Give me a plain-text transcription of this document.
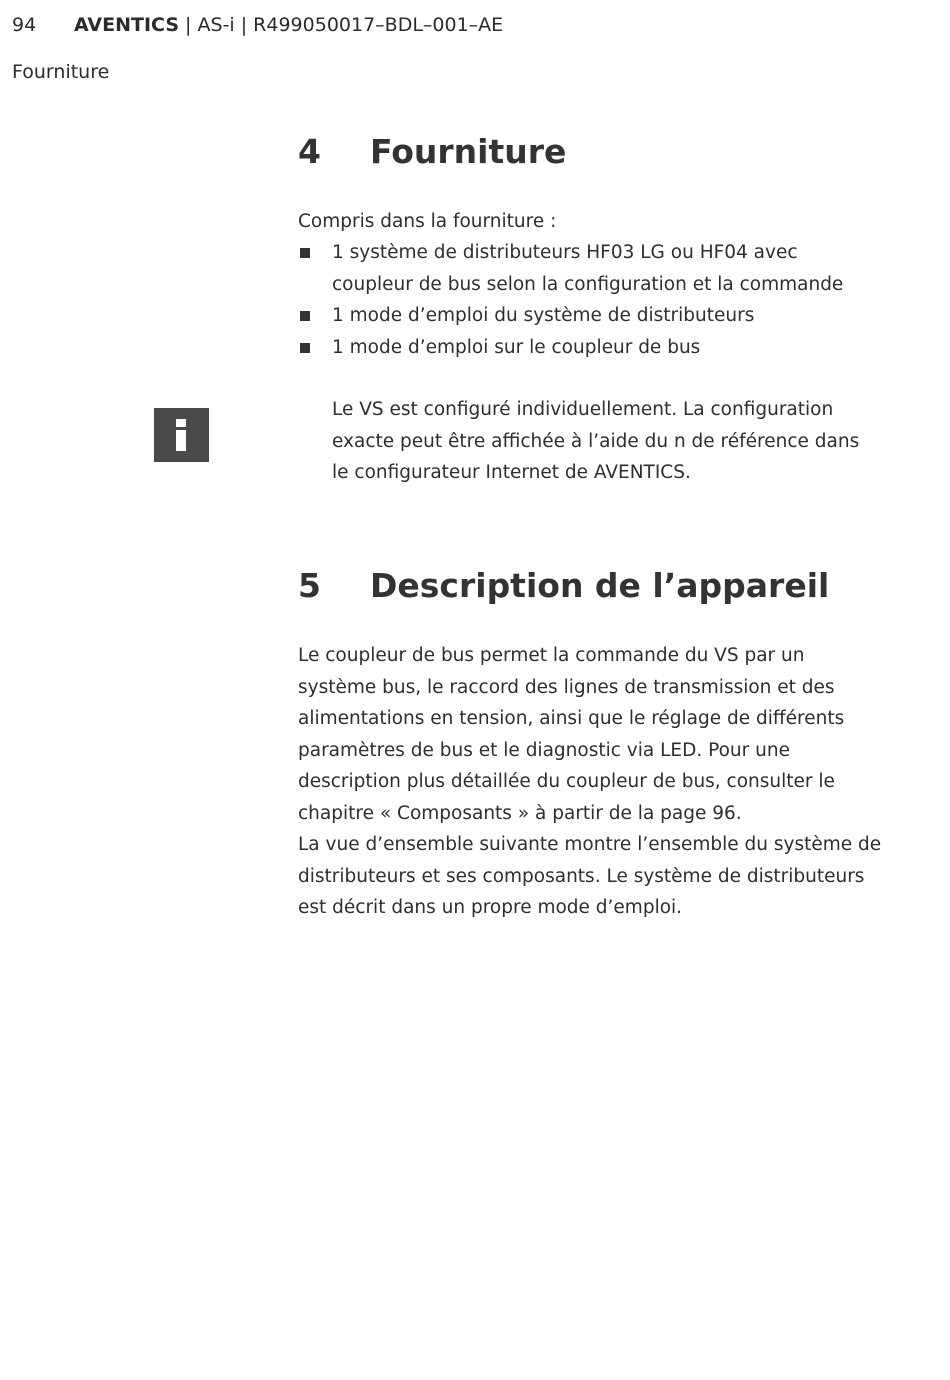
94 AVENTICS | AS-i | R499050017–BDL–001–AE
Fourniture
4 Fourniture
Compris dans la fourniture :
1 système de distributeurs HF03 LG ou HF04 avec coupleur de bus selon la configuration et la commande
1 mode d’emploi du système de distributeurs
1 mode d’emploi sur le coupleur de bus
Le VS est configuré individuellement. La configuration exacte peut être affichée à l’aide du n de référence dans le configurateur Internet de AVENTICS.
5 Description de l’appareil

Le coupleur de bus permet la commande du VS par un système bus, le raccord des lignes de transmission et des alimentations en tension, ainsi que le réglage de différents paramètres de bus et le diagnostic via LED. Pour une description plus détaillée du coupleur de bus, consulter le chapitre « Composants » à partir de la page 96.

La vue d’ensemble suivante montre l’ensemble du système de distributeurs et ses composants. Le système de distributeurs est décrit dans un propre mode d’emploi.
